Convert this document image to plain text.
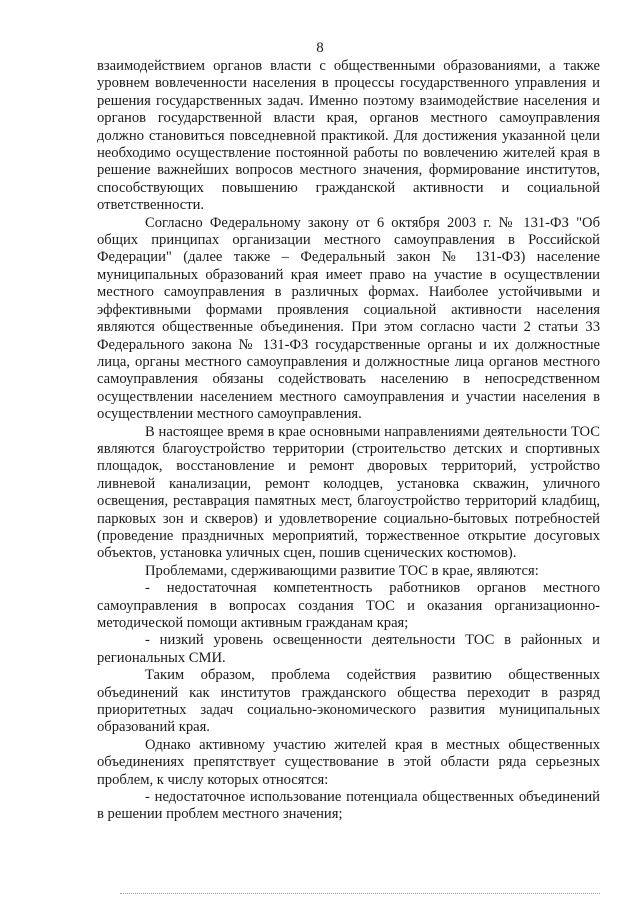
8

взаимодействием органов власти с общественными образованиями, а также уровнем вовлеченности населения в процессы государственного управления и решения государственных задач. Именно поэтому взаимодействие населения и органов государственной власти края, органов местного самоуправления должно становиться повседневной практикой. Для достижения указанной цели необходимо осуществление постоянной работы по вовлечению жителей края в решение важнейших вопросов местного значения, формирование институтов, способствующих повышению гражданской активности и социальной ответственности.

Согласно Федеральному закону от 6 октября 2003 г. № 131-ФЗ "Об общих принципах организации местного самоуправления в Российской Федерации" (далее также – Федеральный закон № 131-ФЗ) население муниципальных образований края имеет право на участие в осуществлении местного самоуправления в различных формах. Наиболее устойчивыми и эффективными формами проявления социальной активности населения являются общественные объединения. При этом согласно части 2 статьи 33 Федерального закона № 131-ФЗ государственные органы и их должностные лица, органы местного самоуправления и должностные лица органов местного самоуправления обязаны содействовать населению в непосредственном осуществлении населением местного самоуправления и участии населения в осуществлении местного самоуправления.

В настоящее время в крае основными направлениями деятельности ТОС являются благоустройство территории (строительство детских и спортивных площадок, восстановление и ремонт дворовых территорий, устройство ливневой канализации, ремонт колодцев, установка скважин, уличного освещения, реставрация памятных мест, благоустройство территорий кладбищ, парковых зон и скверов) и удовлетворение социально-бытовых потребностей (проведение праздничных мероприятий, торжественное открытие досуговых объектов, установка уличных сцен, пошив сценических костюмов).

Проблемами, сдерживающими развитие ТОС в крае, являются:

- недостаточная компетентность работников органов местного самоуправления в вопросах создания ТОС и оказания организационно-методической помощи активным гражданам края;

- низкий уровень освещенности деятельности ТОС в районных и региональных СМИ.

Таким образом, проблема содействия развитию общественных объединений как институтов гражданского общества переходит в разряд приоритетных задач социально-экономического развития муниципальных образований края.

Однако активному участию жителей края в местных общественных объединениях препятствует существование в этой области ряда серьезных проблем, к числу которых относятся:

- недостаточное использование потенциала общественных объединений в решении проблем местного значения;
